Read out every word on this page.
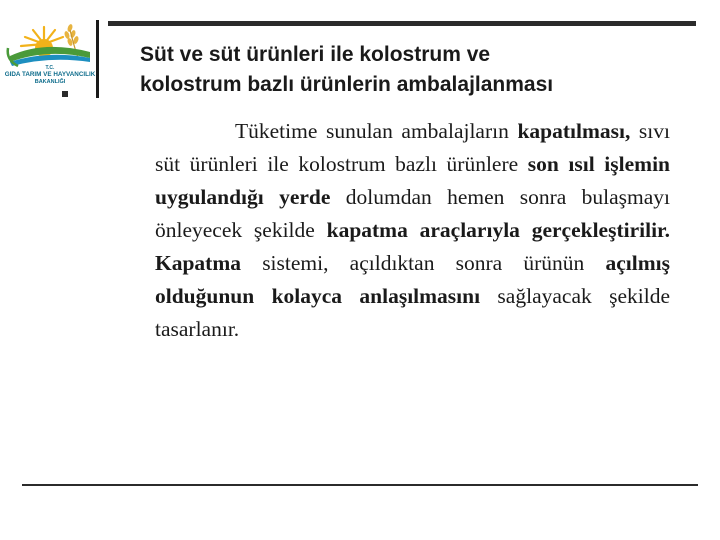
T.C.
GIDA TARIM VE HAYVANCILIK
BAKANLIĞI
Süt ve süt ürünleri ile kolostrum ve
kolostrum bazlı ürünlerin ambalajlanması
Tüketime sunulan ambalajların kapatılması, sıvı süt ürünleri ile kolostrum bazlı ürünlere son ısıl işlemin uygulandığı yerde dolumdan hemen sonra bulaşmayı önleyecek şekilde kapatma araçlarıyla gerçekleştirilir. Kapatma sistemi, açıldıktan sonra ürünün açılmış olduğunun kolayca anlaşılmasını sağlayacak şekilde tasarlanır.
